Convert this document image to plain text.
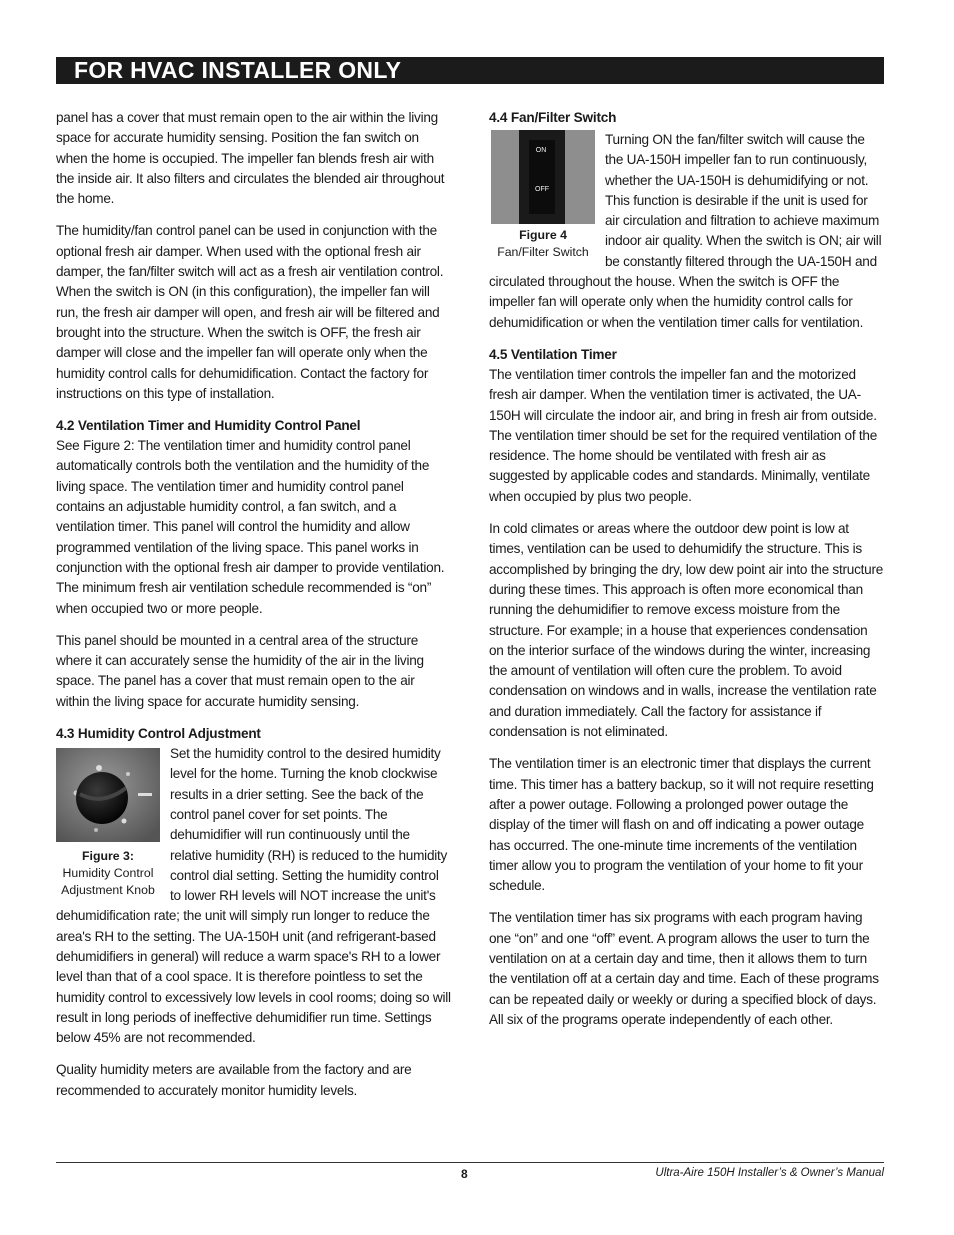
FOR HVAC INSTALLER ONLY

panel has a cover that must remain open to the air within the living space for accurate humidity sensing. Position the fan switch on when the home is occupied. The impeller fan blends fresh air with the inside air. It also filters and circulates the blended air throughout the home.

The humidity/fan control panel can be used in conjunction with the optional fresh air damper. When used with the optional fresh air damper, the fan/filter switch will act as a fresh air ventilation control. When the switch is ON (in this configuration), the impeller fan will run, the fresh air damper will open, and fresh air will be filtered and brought into the structure. When the switch is OFF, the fresh air damper will close and the impeller fan will operate only when the humidity control calls for dehumidification. Contact the factory for instructions on this type of installation.

4.2 Ventilation Timer and Humidity Control Panel

See Figure 2: The ventilation timer and humidity control panel automatically controls both the ventilation and the humidity of the living space. The ventilation timer and humidity control panel contains an adjustable humidity control, a fan switch, and a ventilation timer. This panel will control the humidity and allow programmed ventilation of the living space. This panel works in conjunction with the optional fresh air damper to provide ventilation. The minimum fresh air ventilation schedule recommended is “on” when occupied two or more people.

This panel should be mounted in a central area of the structure where it can accurately sense the humidity of the air in the living space. The panel has a cover that must remain open to the air within the living space for accurate humidity sensing.

4.3 Humidity Control Adjustment
Figure 3:
Humidity Control
Adjustment Knob

Set the humidity control to the desired humidity level for the home. Turning the knob clockwise results in a drier setting. See the back of the control panel cover for set points. The dehumidifier will run continuously until the relative humidity (RH) is reduced to the humidity control dial setting. Setting the humidity control to lower RH levels will NOT increase the unit's dehumidification rate; the unit will simply run longer to reduce the area's RH to the setting. The UA-150H unit (and refrigerant-based dehumidifiers in general) will reduce a warm space's RH to a lower level than that of a cool space. It is therefore pointless to set the humidity control to excessively low levels in cool rooms; doing so will result in long periods of ineffective dehumidifier run time. Settings below 45% are not recommended.

Quality humidity meters are available from the factory and are recommended to accurately monitor humidity levels.

4.4 Fan/Filter Switch
ON
OFF
Figure 4
Fan/Filter Switch

Turning ON the fan/filter switch will cause the the UA-150H impeller fan to run continuously, whether the UA-150H is dehumidifying or not. This function is desirable if the unit is used for air circulation and filtration to achieve maximum indoor air quality. When the switch is ON; air will be constantly filtered through the UA-150H and circulated throughout the house. When the switch is OFF the impeller fan will operate only when the humidity control calls for dehumidification or when the ventilation timer calls for ventilation.

4.5 Ventilation Timer

The ventilation timer controls the impeller fan and the motorized fresh air damper. When the ventilation timer is activated, the UA-150H will circulate the indoor air, and bring in fresh air from outside. The ventilation timer should be set for the required ventilation of the residence. The home should be ventilated with fresh air as suggested by applicable codes and standards. Minimally, ventilate when occupied by plus two people.

In cold climates or areas where the outdoor dew point is low at times, ventilation can be used to dehumidify the structure. This is accomplished by bringing the dry, low dew point air into the structure during these times. This approach is often more economical than running the dehumidifier to remove excess moisture from the structure. For example; in a house that experiences condensation on the interior surface of the windows during the winter, increasing the amount of ventilation will often cure the problem. To avoid condensation on windows and in walls, increase the ventilation rate and duration immediately. Call the factory for assistance if condensation is not eliminated.

The ventilation timer is an electronic timer that displays the current time. This timer has a battery backup, so it will not require resetting after a power outage. Following a prolonged power outage the display of the timer will flash on and off indicating a power outage has occurred. The one-minute time increments of the ventilation timer allow you to program the ventilation of your home to fit your schedule.

The ventilation timer has six programs with each program having one “on” and one “off” event. A program allows the user to turn the ventilation on at a certain day and time, then it allows them to turn the ventilation off at a certain day and time. Each of these programs can be repeated daily or weekly or during a specified block of days. All six of the programs operate independently of each other.

8	Ultra-Aire 150H Installer’s & Owner’s Manual
